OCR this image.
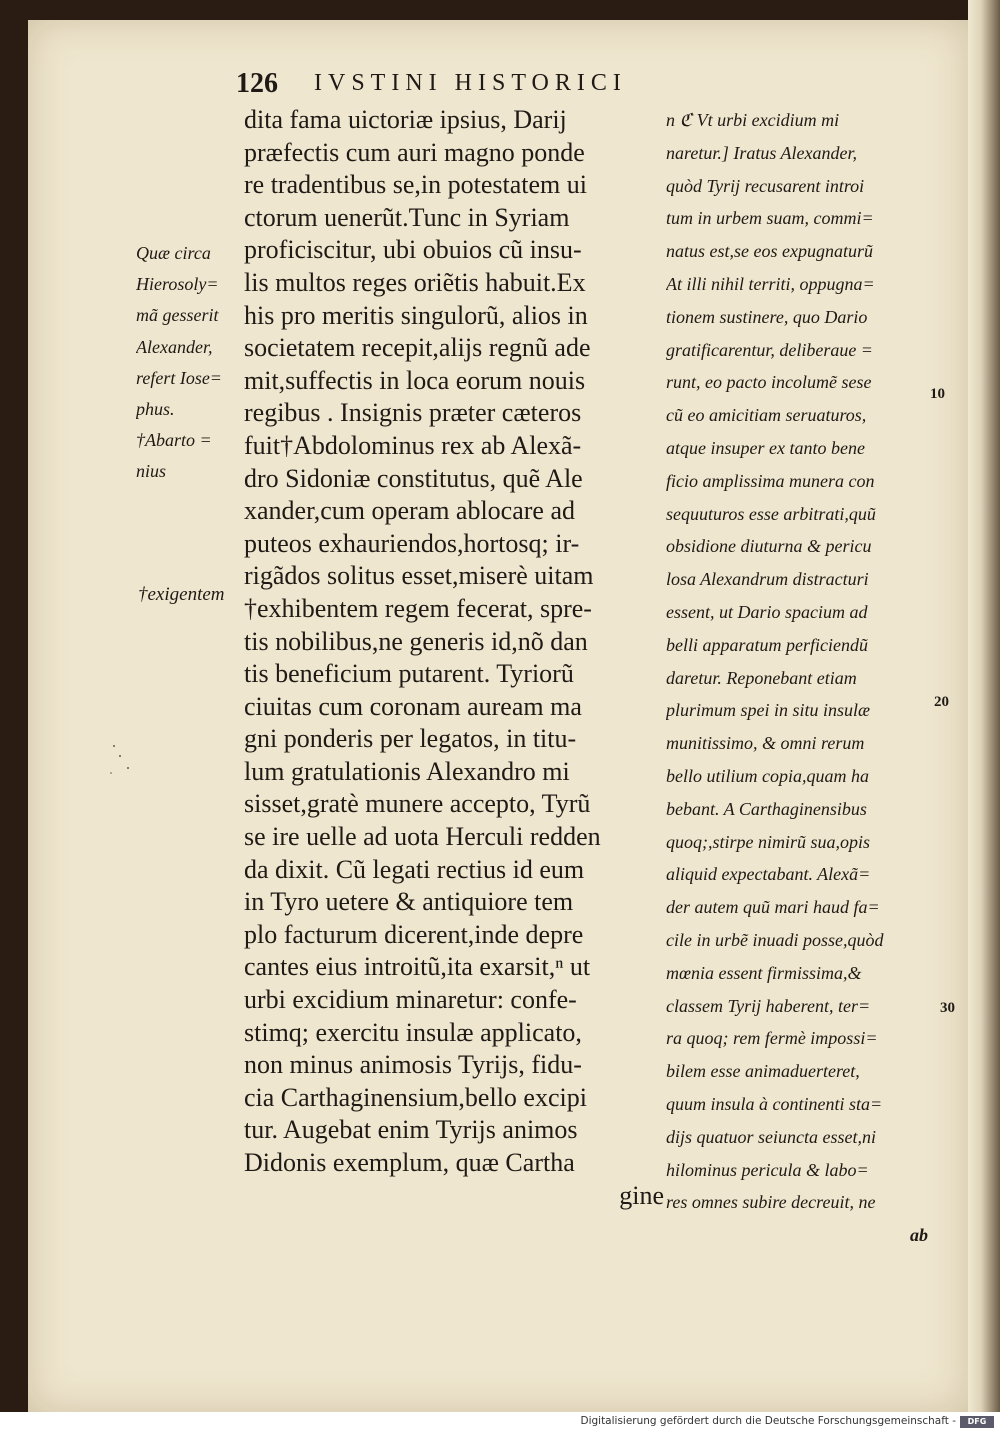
126 IVSTINI HISTORICI
Quæ circa
Hierosoly=
mã gesserit
Alexander,
refert Iose=
phus.
†Abarto =
nius
†exigentem
dita fama uictoriæ ipsius, Darij
præfectis cum auri magno ponde
re tradentibus se,in potestatem ui
ctorum uenerũt.Tunc in Syriam
proficiscitur, ubi obuios cũ insu-
lis multos reges oriẽtis habuit.Ex
his pro meritis singulorũ, alios in
societatem recepit,alijs regnũ ade
mit,suffectis in loca eorum nouis
regibus . Insignis præter cæteros
fuit†Abdolominus rex ab Alexã-
dro Sidoniæ constitutus, quẽ Ale
xander,cum operam ablocare ad
puteos exhauriendos,hortosq; ir-
rigãdos solitus esset,miserè uitam
†exhibentem regem fecerat, spre-
tis nobilibus,ne generis id,nõ dan
tis beneficium putarent. Tyriorũ
ciuitas cum coronam auream ma
gni ponderis per legatos, in titu-
lum gratulationis Alexandro mi
sisset,gratè munere accepto, Tyrũ
se ire uelle ad uota Herculi redden
da dixit. Cũ legati rectius id eum
in Tyro uetere & antiquiore tem
plo facturum dicerent,inde depre
cantes eius introitũ,ita exarsit,ⁿ ut
urbi excidium minaretur: confe-
stimq; exercitu insulæ applicato,
non minus animosis Tyrijs, fidu-
cia Carthaginensium,bello excipi
tur. Augebat enim Tyrijs animos
Didonis exemplum, quæ Cartha
gine
n ℭ Vt urbi excidium mi
naretur.] Iratus Alexander,
quòd Tyrij recusarent introi
tum in urbem suam, commi=
natus est,se eos expugnaturũ
At illi nihil territi, oppugna=
tionem sustinere, quo Dario
gratificarentur, deliberaue =
runt, eo pacto incolumẽ sese
cũ eo amicitiam seruaturos,
atque insuper ex tanto bene
ficio amplissima munera con
sequuturos esse arbitrati,quũ
obsidione diuturna & pericu
losa Alexandrum distracturi
essent, ut Dario spacium ad
belli apparatum perficiendũ
daretur. Reponebant etiam
plurimum spei in situ insulæ
munitissimo, & omni rerum
bello utilium copia,quam ha
bebant. A Carthaginensibus
quoq;,stirpe nimirũ sua,opis
aliquid expectabant. Alexã=
der autem quũ mari haud fa=
cile in urbẽ inuadi posse,quòd
mœnia essent firmissima,&
classem Tyrij haberent, ter=
ra quoq; rem fermè impossi=
bilem esse animaduerteret,
quum insula à continenti sta=
dijs quatuor seiuncta esset,ni
hilominus pericula & labo=
res omnes subire decreuit, ne
ab
10
20
30
Digitalisierung gefördert durch die Deutsche Forschungsgemeinschaft -	DFG
